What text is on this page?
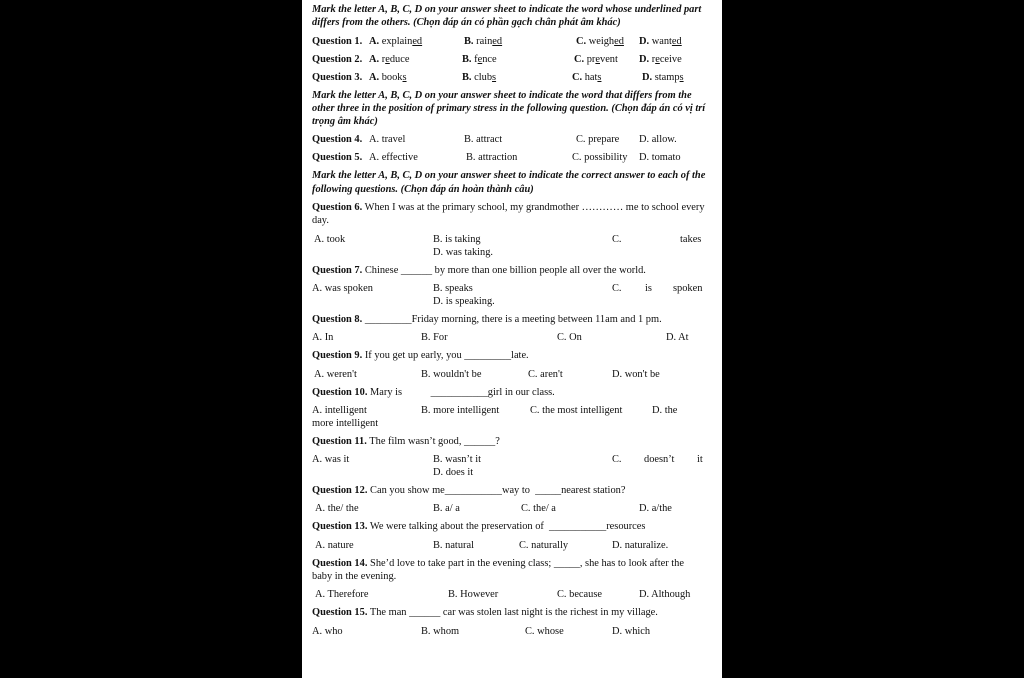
Mark the letter A, B, C, D on your answer sheet to indicate the word whose underlined part differs from the others. (Chọn đáp án có phần gạch chân phát âm khác)

Question 1. A. explained	B. rained	C. weighed D. wanted
Question 2. A. reduce	B. fence	C. prevent D. receive
Question 3. A. books	B. clubs	C. hats	D. stamps

Mark the letter A, B, C, D on your answer sheet to indicate the word that differs from the other three in the position of primary stress in the following question. (Chọn đáp án có vị trí trọng âm khác)

Question 4. A. travel	B. attract	C. prepare D. allow.
Question 5. A. effective	B. attraction	C. possibility D. tomato

Mark the letter A, B, C, D on your answer sheet to indicate the correct answer to each of the following questions. (Chọn đáp án hoàn thành câu)

Question 6. When I was at the primary school, my grandmother ………… me to school every day.

A. took	B. is taking	C.	takes
D. was taking.

Question 7. Chinese ______ by more than one billion people all over the world.

A. was spoken	B. speaks	C. is spoken
D. is speaking.

Question 8. _________Friday morning, there is a meeting between 11am and 1 pm.

A. In	B. For	C. On	D. At

Question 9. If you get up early, you _________late.

A. weren't	B. wouldn't be	C. aren't	D. won't be

Question 10. Mary is           ___________girl in our class.

A. intelligent	B. more intelligent	C. the most intelligent	D. the
more intelligent

Question 11. The film wasn’t good, ______?

A. was it	B. wasn’t it	C. doesn’t it
D. does it

Question 12. Can you show me___________way to  _____nearest station?

A. the/ the	B. a/ a	C. the/ a	D. a/the

Question 13. We were talking about the preservation of  ___________resources

A. nature	B. natural	C. naturally	D. naturalize.

Question 14. She’d love to take part in the evening class; _____, she has to look after the baby in the evening.

A. Therefore	B. However	C. because	D. Although

Question 15. The man ______ car was stolen last night is the richest in my village.

A. who	B. whom	C. whose	D. which
